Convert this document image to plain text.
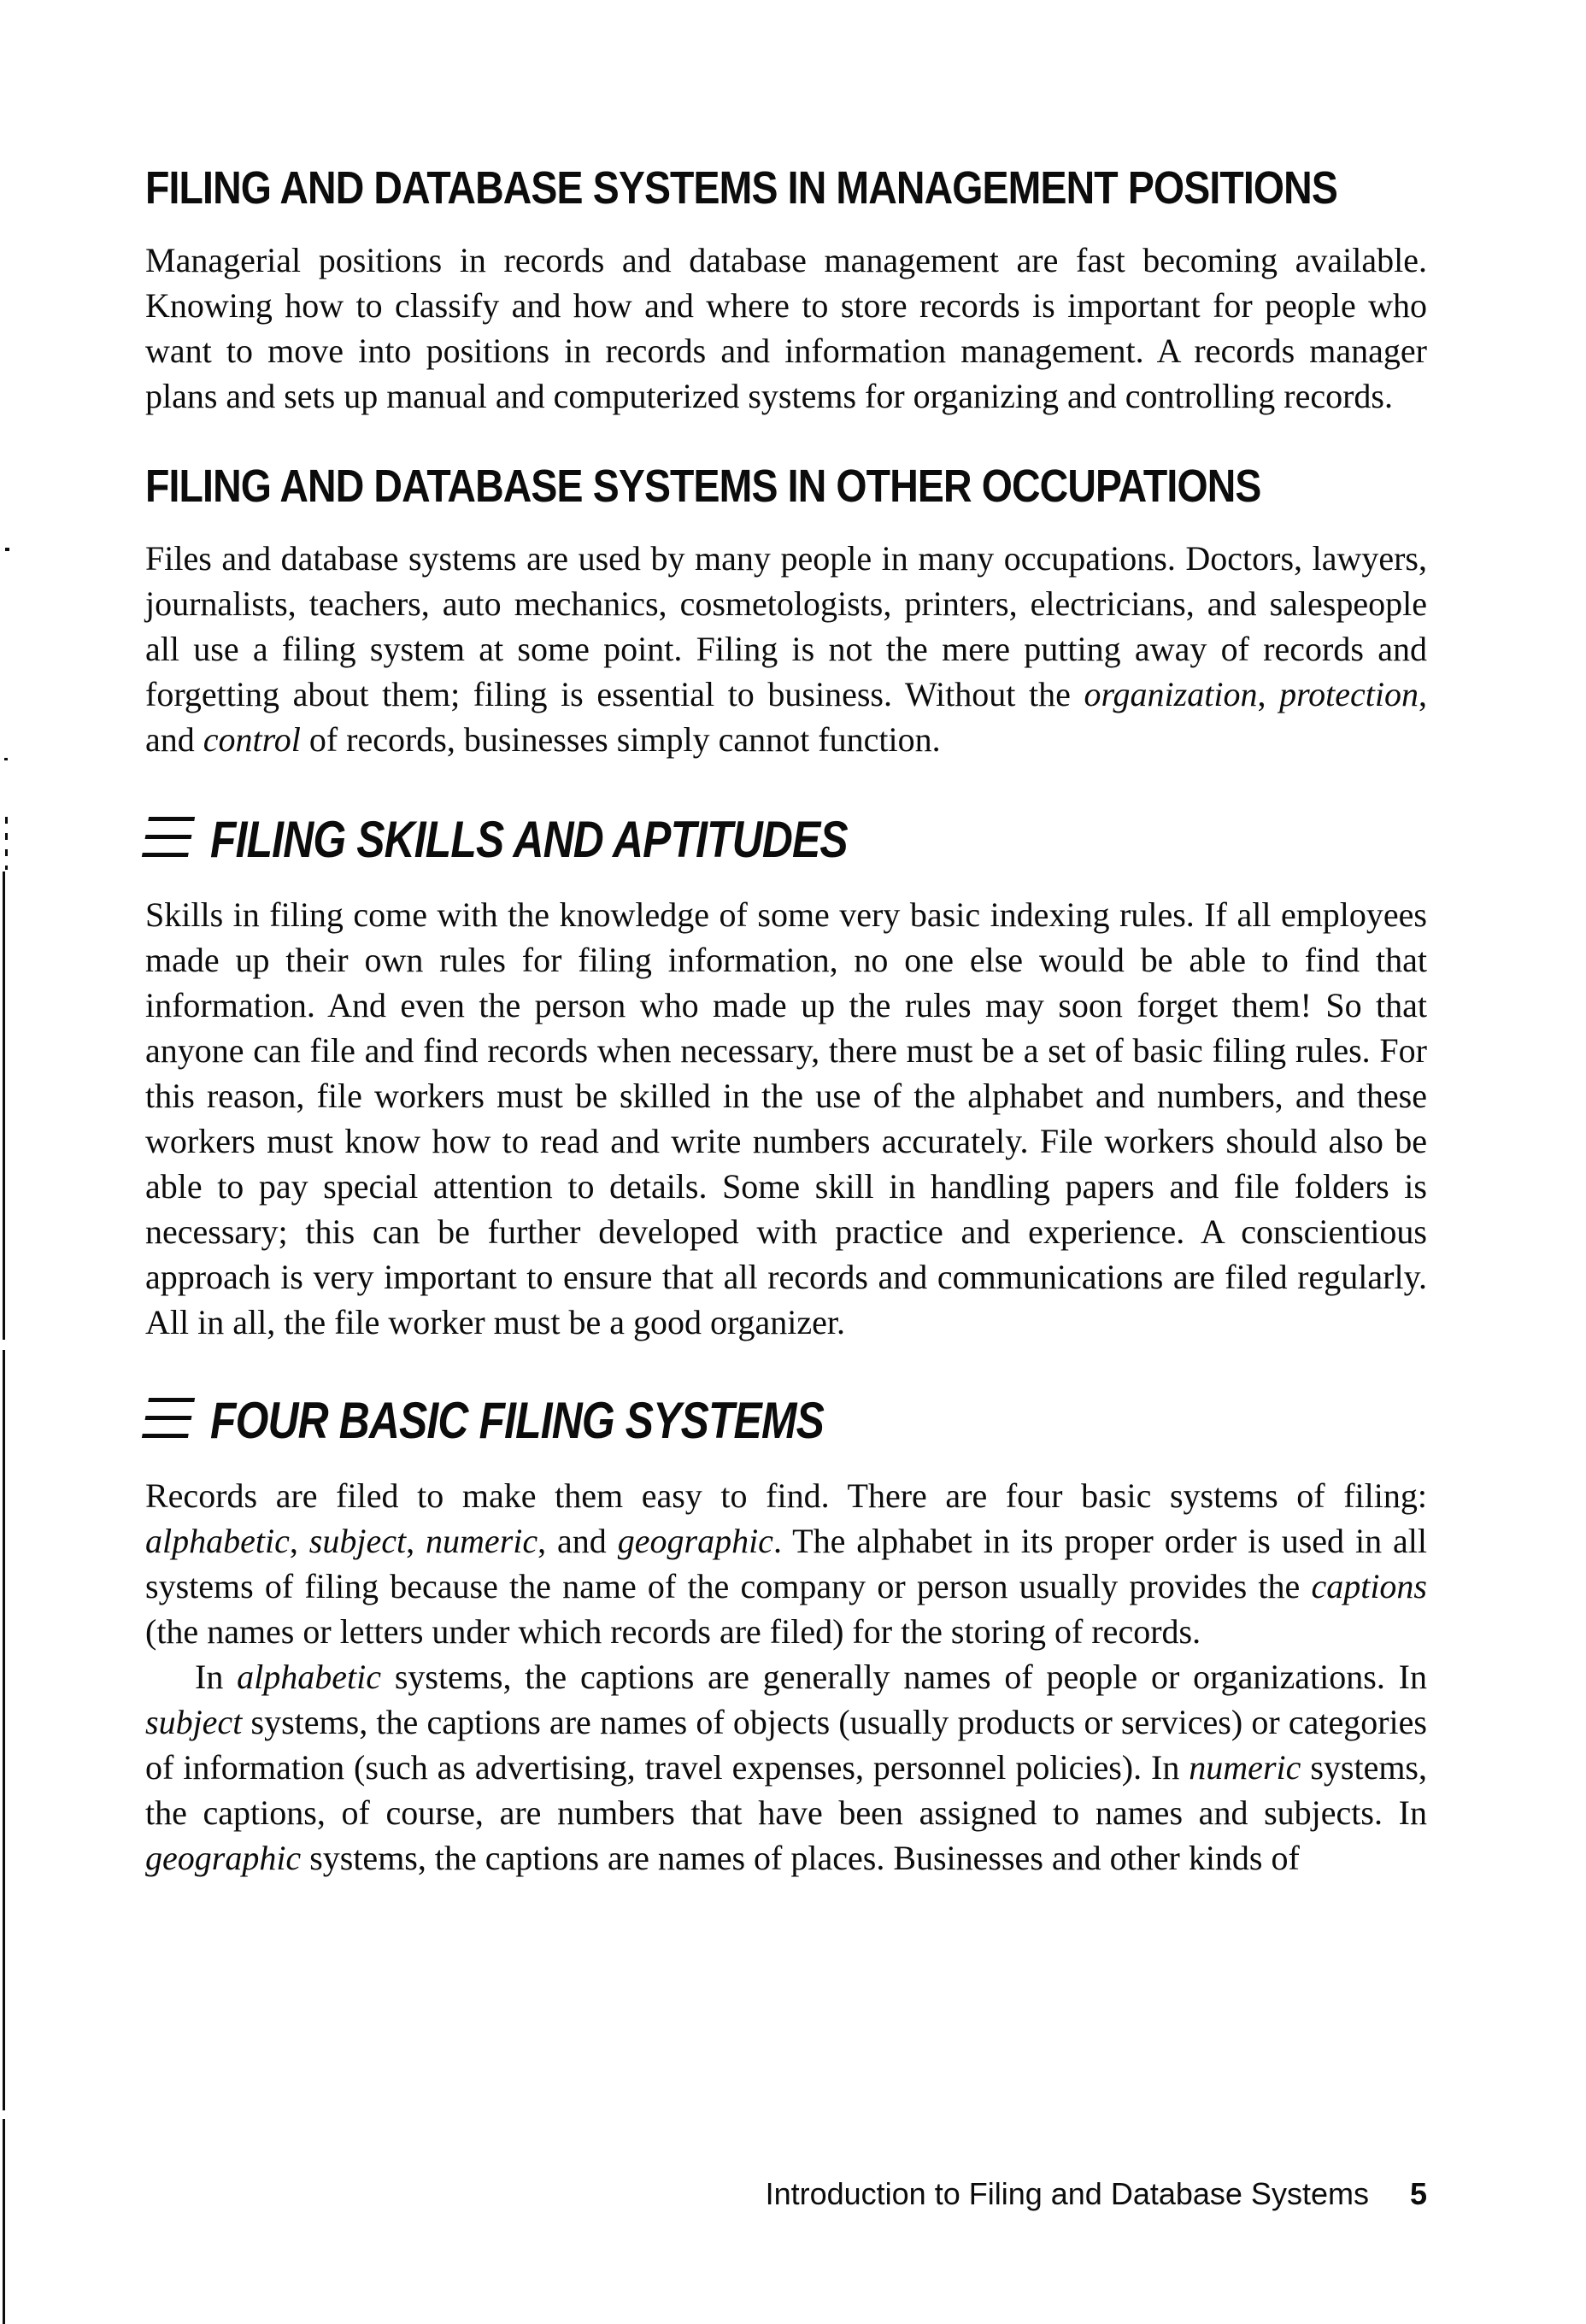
FILING AND DATABASE SYSTEMS IN MANAGEMENT POSITIONS

Managerial positions in records and database management are fast becoming available. Knowing how to classify and how and where to store records is important for people who want to move into positions in records and information management. A records manager plans and sets up manual and computerized systems for organizing and controlling records.

FILING AND DATABASE SYSTEMS IN OTHER OCCUPATIONS

Files and database systems are used by many people in many occupations. Doctors, lawyers, journalists, teachers, auto mechanics, cosmetologists, printers, electricians, and salespeople all use a filing system at some point. Filing is not the mere putting away of records and forgetting about them; filing is essential to business. Without the organization, protection, and control of records, businesses simply cannot function.

FILING SKILLS AND APTITUDES

Skills in filing come with the knowledge of some very basic indexing rules. If all employees made up their own rules for filing information, no one else would be able to find that information. And even the person who made up the rules may soon forget them! So that anyone can file and find records when necessary, there must be a set of basic filing rules. For this reason, file workers must be skilled in the use of the alphabet and numbers, and these workers must know how to read and write numbers accurately. File workers should also be able to pay special attention to details. Some skill in handling papers and file folders is necessary; this can be further developed with practice and experience. A conscientious approach is very important to ensure that all records and communications are filed regularly. All in all, the file worker must be a good organizer.

FOUR BASIC FILING SYSTEMS

Records are filed to make them easy to find. There are four basic systems of filing: alphabetic, subject, numeric, and geographic. The alphabet in its proper order is used in all systems of filing because the name of the company or person usually provides the captions (the names or letters under which records are filed) for the storing of records.

In alphabetic systems, the captions are generally names of people or organizations. In subject systems, the captions are names of objects (usually products or services) or categories of information (such as advertising, travel expenses, personnel policies). In numeric systems, the captions, of course, are numbers that have been assigned to names and subjects. In geographic systems, the captions are names of places. Businesses and other kinds of

Introduction to Filing and Database Systems 5
